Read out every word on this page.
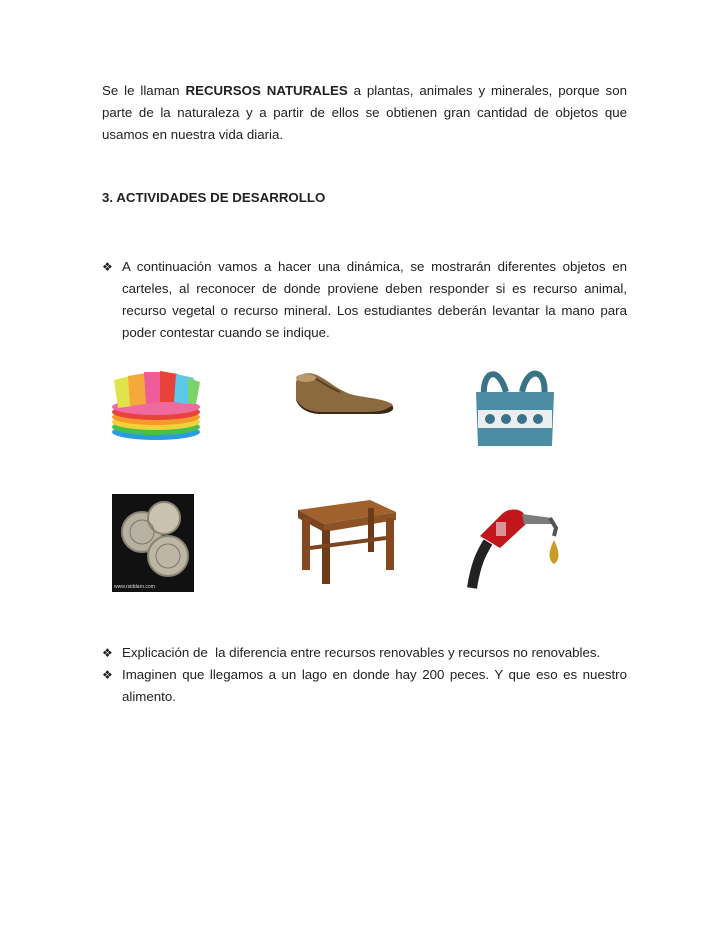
Se le llaman RECURSOS NATURALES a plantas, animales y minerales, porque son parte de la naturaleza y a partir de ellos se obtienen gran cantidad de objetos que usamos en nuestra vida diaria.

3. ACTIVIDADES DE DESARROLLO
❖ A continuación vamos a hacer una dinámica, se mostrarán diferentes objetos en carteles, al reconocer de donde proviene deben responder si es recurso animal, recurso vegetal o recurso mineral. Los estudiantes deberán levantar la mano para poder contestar cuando se indique.
www.rsiddaro.com
❖ Explicación de  la diferencia entre recursos renovables y recursos no renovables.
❖ Imaginen que llegamos a un lago en donde hay 200 peces. Y que eso es nuestro alimento.
